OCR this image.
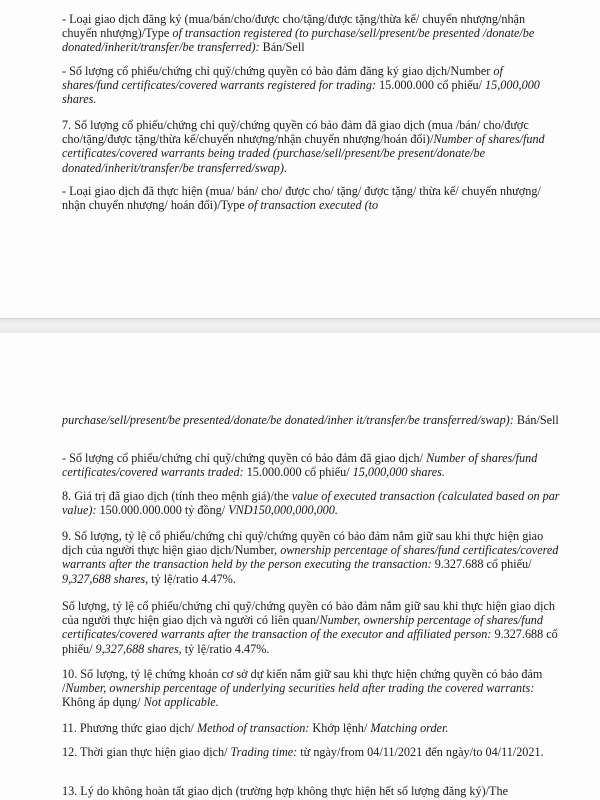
- Loại giao dịch đăng ký (mua/bán/cho/được cho/tặng/được tặng/thừa kế/ chuyển nhượng/nhận chuyển nhượng)/Type of transaction registered (to purchase/sell/present/be presented /donate/be donated/inherit/transfer/be transferred): Bán/Sell

- Số lượng cổ phiếu/chứng chỉ quỹ/chứng quyền có bảo đảm đăng ký giao dịch/Number of shares/fund certificates/covered warrants registered for trading: 15.000.000 cổ phiếu/ 15,000,000 shares.

7. Số lượng cổ phiếu/chứng chỉ quỹ/chứng quyền có bảo đảm đã giao dịch (mua /bán/ cho/được cho/tặng/được tặng/thừa kế/chuyển nhượng/nhận chuyển nhượng/hoán đổi)/Number of shares/fund certificates/covered warrants being traded (purchase/sell/present/be present/donate/be donated/inherit/transfer/be transferred/swap).

- Loại giao dịch đã thực hiện (mua/ bán/ cho/ được cho/ tặng/ được tặng/ thừa kế/ chuyển nhượng/ nhận chuyển nhượng/ hoán đổi)/Type of transaction executed (to

purchase/sell/present/be presented/donate/be donated/inher it/transfer/be transferred/swap): Bán/Sell

- Số lượng cổ phiếu/chứng chỉ quỹ/chứng quyền có bảo đảm đã giao dịch/ Number of shares/fund certificates/covered warrants traded: 15.000.000 cổ phiếu/ 15,000,000 shares.

8. Giá trị đã giao dịch (tính theo mệnh giá)/the value of executed transaction (calculated based on par value): 150.000.000.000 tỷ đồng/ VND150,000,000,000.

9. Số lượng, tỷ lệ cổ phiếu/chứng chỉ quỹ/chứng quyền có bảo đảm nắm giữ sau khi thực hiện giao dịch của người thực hiện giao dịch/Number, ownership percentage of shares/fund certificates/covered warrants after the transaction held by the person executing the transaction: 9.327.688 cổ phiếu/ 9,327,688 shares, tỷ lệ/ratio 4.47%.

Số lượng, tỷ lệ cổ phiếu/chứng chỉ quỹ/chứng quyền có bảo đảm nắm giữ sau khi thực hiện giao dịch của người thực hiện giao dịch và người có liên quan/Number, ownership percentage of shares/fund certificates/covered warrants after the transaction of the executor and affiliated person: 9.327.688 cổ phiếu/ 9,327,688 shares, tỷ lệ/ratio 4.47%.

10. Số lượng, tỷ lệ chứng khoán cơ sở dự kiến nắm giữ sau khi thực hiện chứng quyền có bảo đảm /Number, ownership percentage of underlying securities held after trading the covered warrants: Không áp dụng/ Not applicable.

11. Phương thức giao dịch/ Method of transaction: Khớp lệnh/ Matching order.

12. Thời gian thực hiện giao dịch/ Trading time: từ ngày/from 04/11/2021 đến ngày/to 04/11/2021.

13. Lý do không hoàn tất giao dịch (trường hợp không thực hiện hết số lượng đăng ký)/The
